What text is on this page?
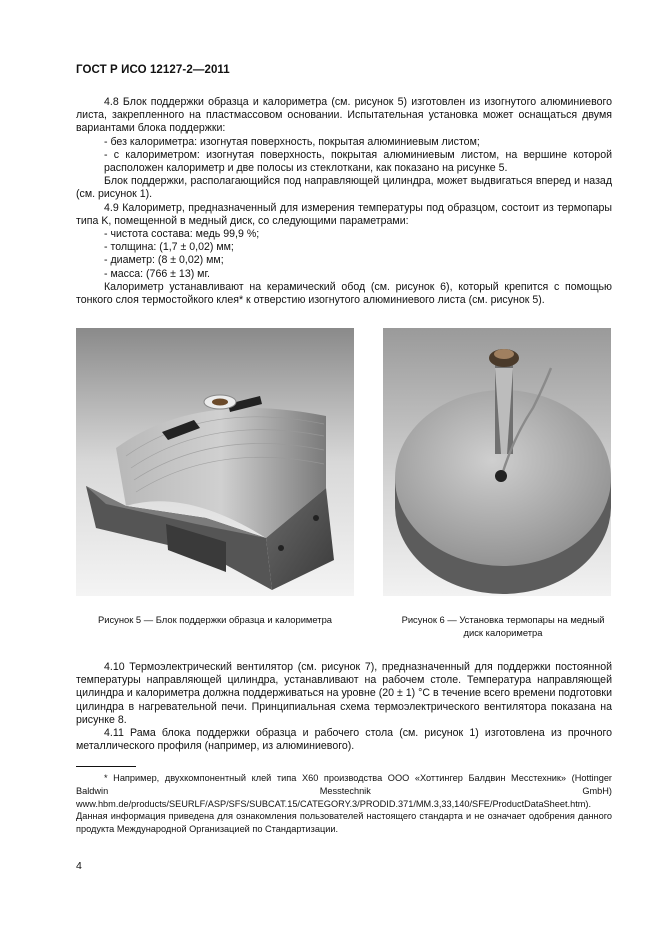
ГОСТ Р ИСО 12127-2—2011

4.8 Блок поддержки образца и калориметра (см. рисунок 5) изготовлен из изогнутого алюминиевого листа, закрепленного на пластмассовом основании. Испытательная установка может оснащаться двумя вариантами блока поддержки:

- без калориметра: изогнутая поверхность, покрытая алюминиевым листом;

- с калориметром: изогнутая поверхность, покрытая алюминиевым листом, на вершине которой расположен калориметр и две полосы из стеклоткани, как показано на рисунке 5.

Блок поддержки, располагающийся под направляющей цилиндра, может выдвигаться вперед и назад (см. рисунок 1).

4.9 Калориметр, предназначенный для измерения температуры под образцом, состоит из термопары типа K, помещенной в медный диск, со следующими параметрами:

- чистота состава: медь 99,9 %;

- толщина: (1,7 ± 0,02) мм;

- диаметр: (8 ± 0,02) мм;

- масса: (766 ± 13) мг.

Калориметр устанавливают на керамический обод (см. рисунок 6), который крепится с помощью тонкого слоя термостойкого клея* к отверстию изогнутого алюминиевого листа (см. рисунок 5).

Рисунок 5 — Блок поддержки образца и калориметра	Рисунок 6 — Установка термопары на медный
диск калориметра

4.10 Термоэлектрический вентилятор (см. рисунок 7), предназначенный для поддержки постоянной температуры направляющей цилиндра, устанавливают на рабочем столе. Температура направляющей цилиндра и калориметра должна поддерживаться на уровне (20 ± 1) °C в течение всего времени подготовки цилиндра в нагревательной печи. Принципиальная схема термоэлектрического вентилятора показана на рисунке 8.

4.11 Рама блока поддержки образца и рабочего стола (см. рисунок 1) изготовлена из прочного металлического профиля (например, из алюминиевого).

* Например, двухкомпонентный клей типа X60 производства ООО «Хоттингер Балдвин Месстехник» (Hottinger Baldwin Messtechnik GmbH) www.hbm.de/products/SEURLF/ASP/SFS/SUBCAT.15/CATEGORY.3/PRODID.371/MM.3,33,140/SFE/ProductDataSheet.htm). Данная информация приведена для ознакомления пользователей настоящего стандарта и не означает одобрения данного продукта Международной Организацией по Стандартизации.
4
